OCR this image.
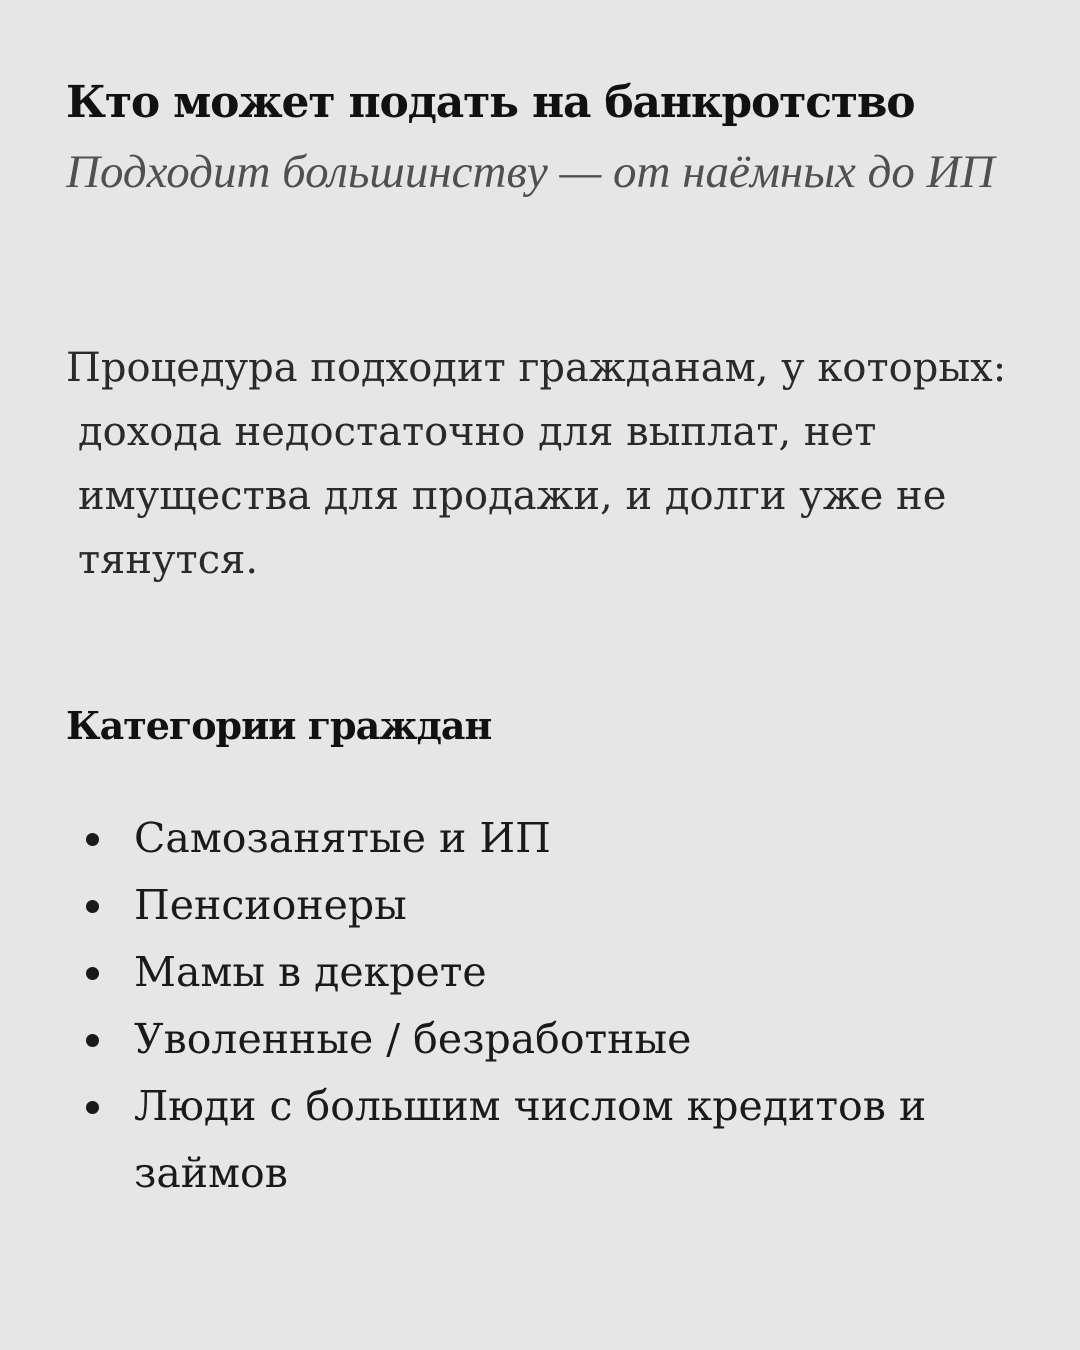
Кто может подать на банкротство

Подходит большинству — от наёмных до ИП

Процедура подходит гражданам, у которых:
дохода недостаточно для выплат, нет имущества для продажи, и долги уже не тянутся.
Категории граждан
Самозанятые и ИП
Пенсионеры
Мамы в декрете
Уволенные / безработные
Люди с большим числом кредитов и займов
